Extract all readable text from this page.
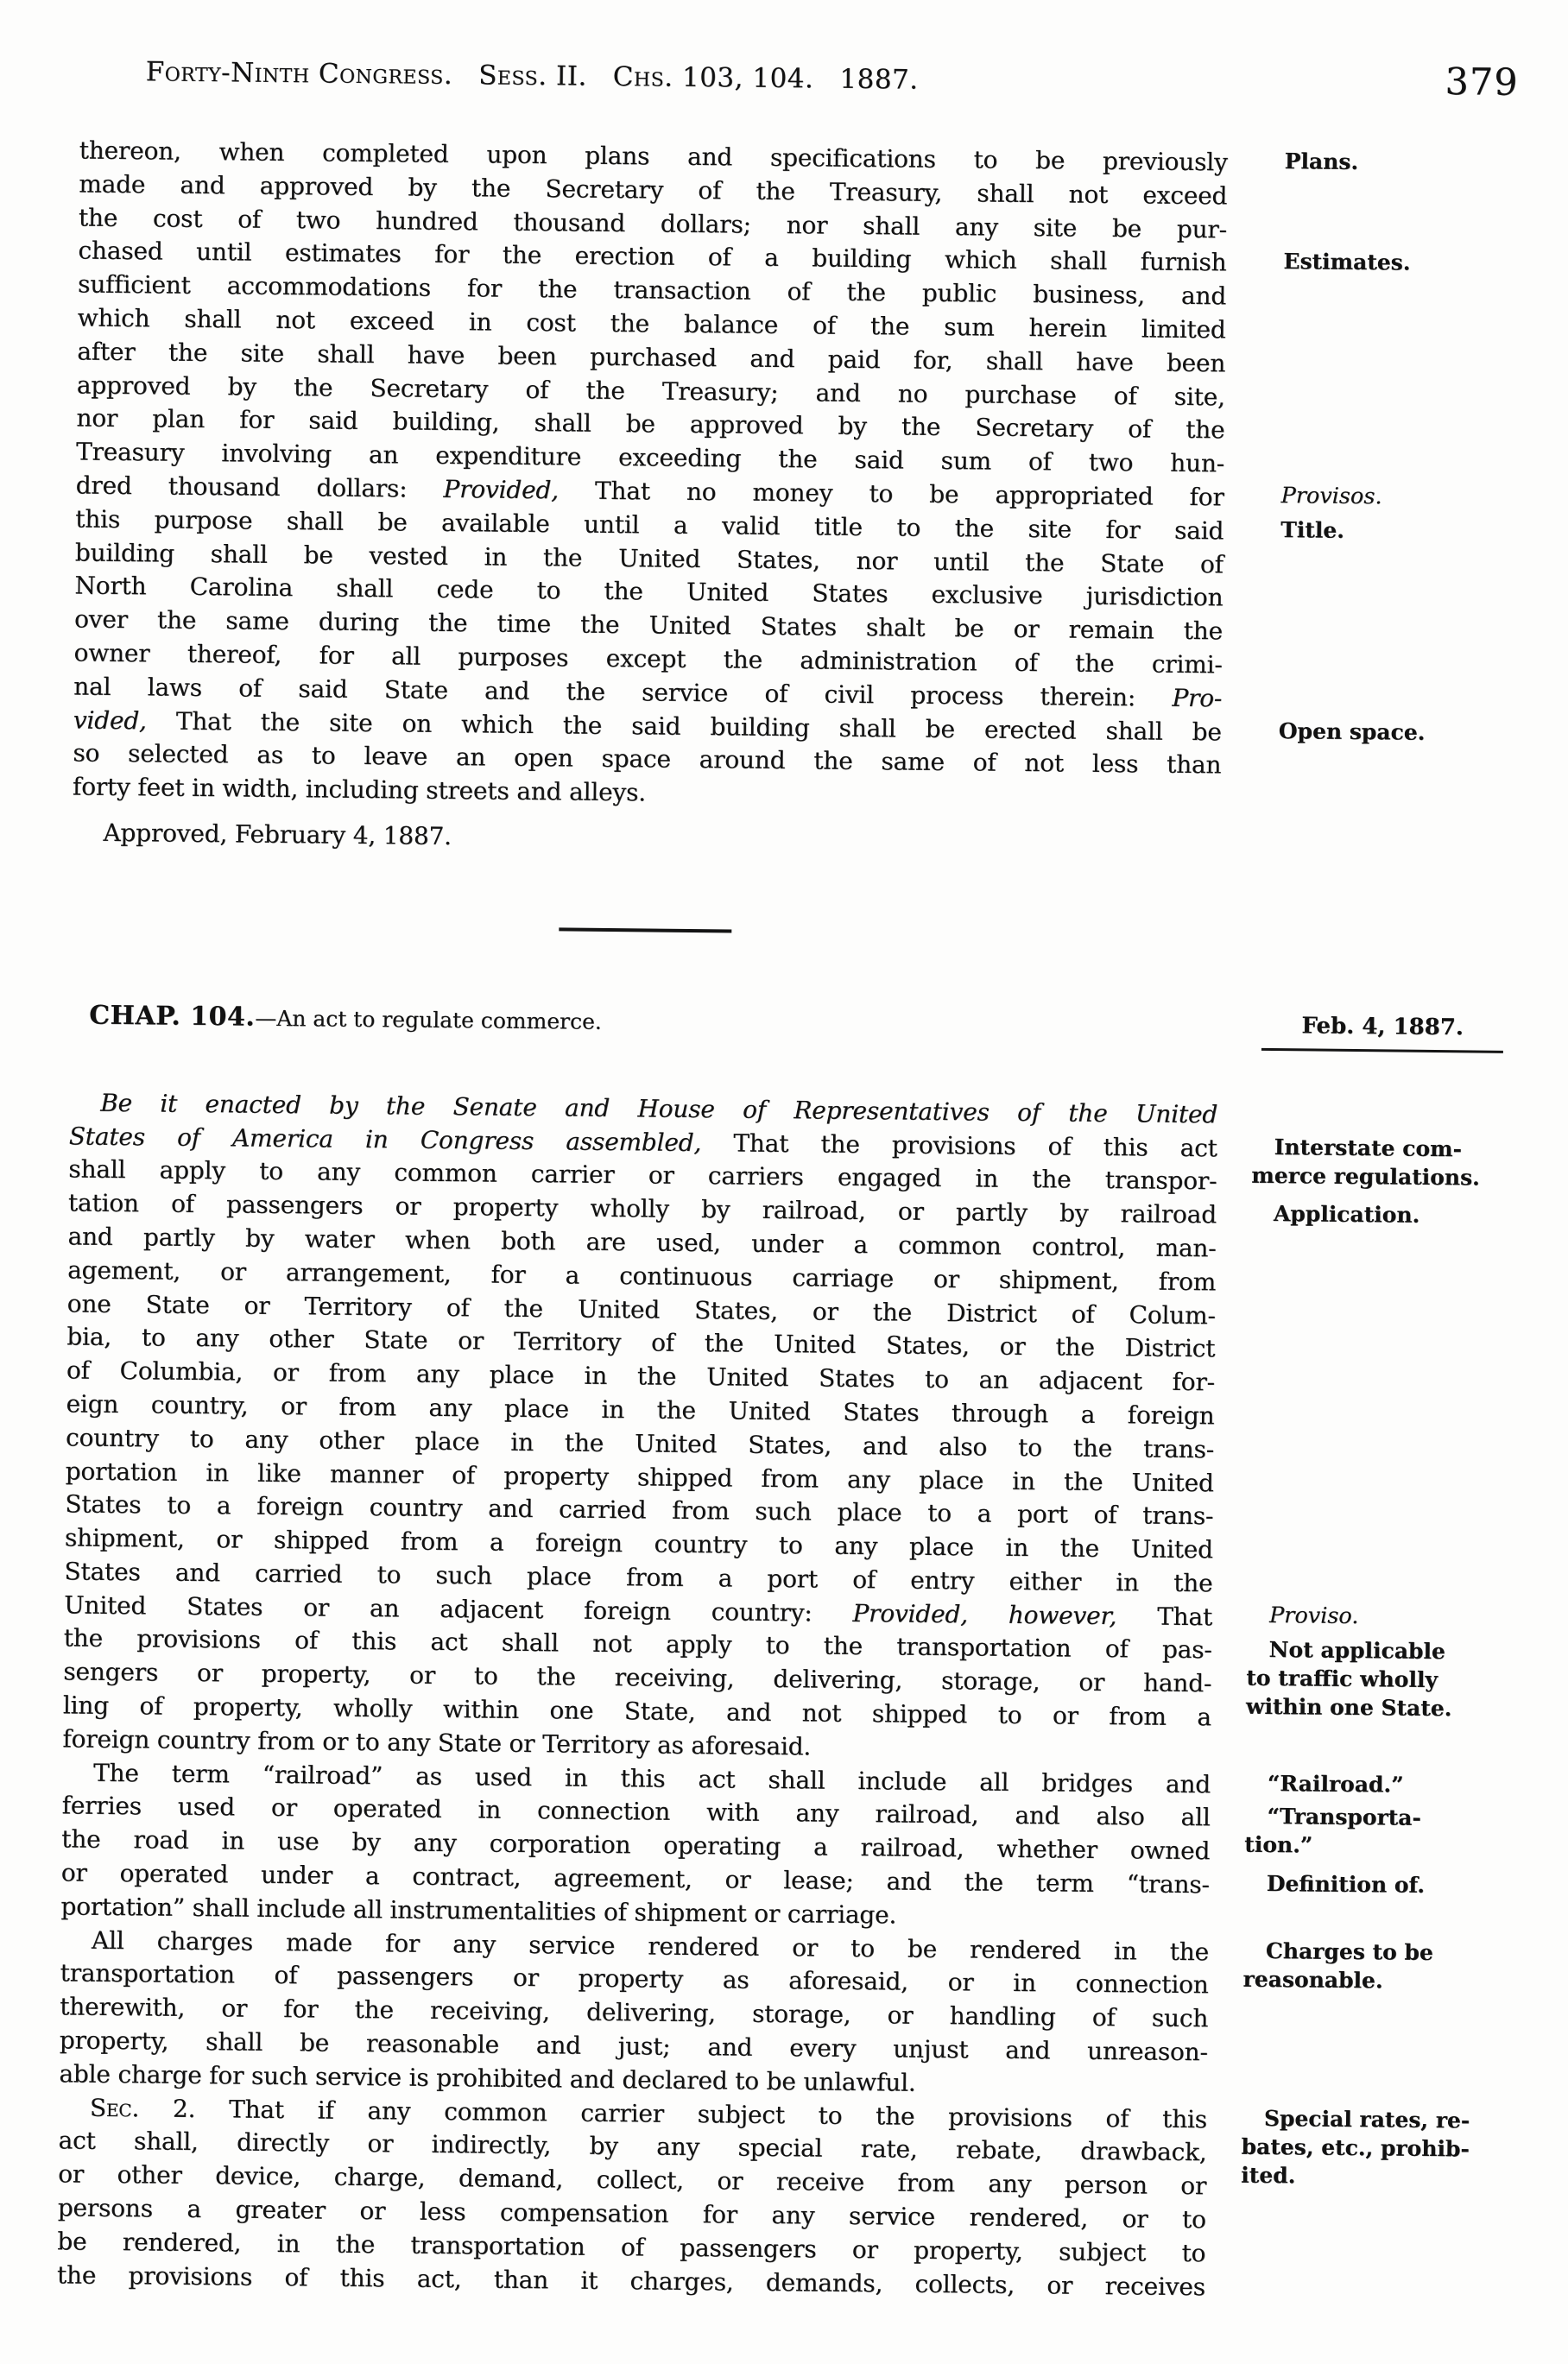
Forty-Ninth Congress. Sess. II. Chs. 103, 104. 1887.	379
thereon, when completed upon plans and specifications to be previously
made and approved by the Secretary of the Treasury, shall not exceed
the cost of two hundred thousand dollars; nor shall any site be pur-
chased until estimates for the erection of a building which shall furnish
sufficient accommodations for the transaction of the public business, and
which shall not exceed in cost the balance of the sum herein limited
after the site shall have been purchased and paid for, shall have been
approved by the Secretary of the Treasury; and no purchase of site,
nor plan for said building, shall be approved by the Secretary of the
Treasury involving an expenditure exceeding the said sum of two hun-
dred thousand dollars: Provided, That no money to be appropriated for
this purpose shall be available until a valid title to the site for said
building shall be vested in the United States, nor until the State of
North Carolina shall cede to the United States exclusive jurisdiction
over the same during the time the United States shalt be or remain the
owner thereof, for all purposes except the administration of the crimi-
nal laws of said State and the service of civil process therein: Pro-
vided, That the site on which the said building shall be erected shall be
so selected as to leave an open space around the same of not less than
forty feet in width, including streets and alleys.
Plans.
Estimates.
Provisos.
Title.
Open space.
Approved, February 4, 1887.
CHAP. 104.—An act to regulate commerce.	Feb. 4, 1887.
Be it enacted by the Senate and House of Representatives of the United
States of America in Congress assembled, That the provisions of this act
shall apply to any common carrier or carriers engaged in the transpor-
tation of passengers or property wholly by railroad, or partly by railroad
and partly by water when both are used, under a common control, man-
agement, or arrangement, for a continuous carriage or shipment, from
one State or Territory of the United States, or the District of Colum-
bia, to any other State or Territory of the United States, or the District
of Columbia, or from any place in the United States to an adjacent for-
eign country, or from any place in the United States through a foreign
country to any other place in the United States, and also to the trans-
portation in like manner of property shipped from any place in the United
States to a foreign country and carried from such place to a port of trans-
shipment, or shipped from a foreign country to any place in the United
States and carried to such place from a port of entry either in the
United States or an adjacent foreign country: Provided, however, That
the provisions of this act shall not apply to the transportation of pas-
sengers or property, or to the receiving, delivering, storage, or hand-
ling of property, wholly within one State, and not shipped to or from a
foreign country from or to any State or Territory as aforesaid.
Interstate com-
merce regulations.
Application.
Proviso.
Not applicable
to traffic wholly
within one State.
The term “railroad” as used in this act shall include all bridges and
ferries used or operated in connection with any railroad, and also all
the road in use by any corporation operating a railroad, whether owned
or operated under a contract, agreement, or lease; and the term “trans-
portation” shall include all instrumentalities of shipment or carriage.
“Railroad.”
“Transporta-
tion.”
Definition of.
All charges made for any service rendered or to be rendered in the
transportation of passengers or property as aforesaid, or in connection
therewith, or for the receiving, delivering, storage, or handling of such
property, shall be reasonable and just; and every unjust and unreason-
able charge for such service is prohibited and declared to be unlawful.
Charges to be
reasonable.
Sec. 2. That if any common carrier subject to the provisions of this
act shall, directly or indirectly, by any special rate, rebate, drawback,
or other device, charge, demand, collect, or receive from any person or
persons a greater or less compensation for any service rendered, or to
be rendered, in the transportation of passengers or property, subject to
the provisions of this act, than it charges, demands, collects, or receives
Special rates, re-
bates, etc., prohib-
ited.
